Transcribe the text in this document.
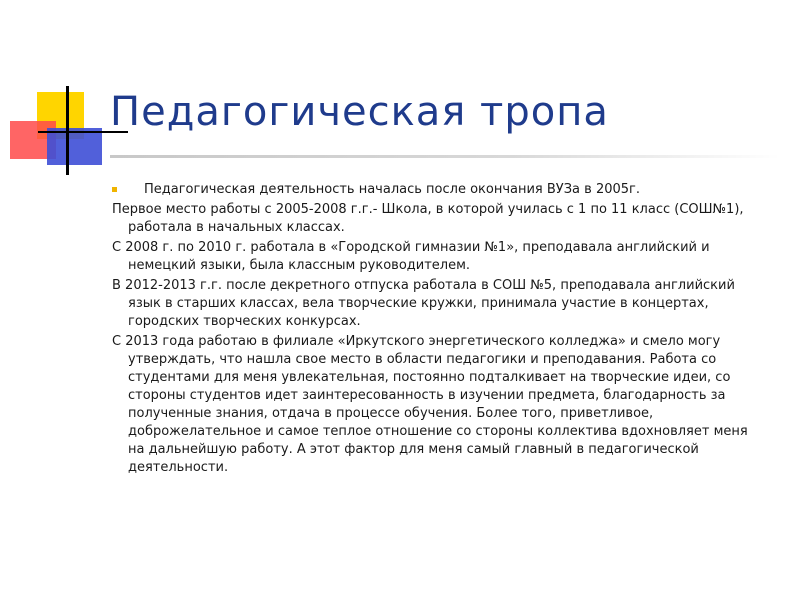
Педагогическая тропа
Педагогическая деятельность началась после окончания ВУЗа в 2005г.
Первое место работы с 2005-2008 г.г.- Школа, в которой училась с 1 по 11 класс (СОШ№1), работала в начальных классах.
С 2008 г. по 2010 г. работала в «Городской гимназии №1», преподавала английский и немецкий языки, была классным руководителем.
В 2012-2013 г.г. после декретного отпуска работала в СОШ №5, преподавала английский язык в старших классах, вела творческие кружки, принимала участие в концертах, городских творческих конкурсах.
С 2013 года работаю в филиале «Иркутского энергетического колледжа» и смело могу утверждать, что нашла свое место в области педагогики и преподавания. Работа со студентами для меня увлекательная, постоянно подталкивает на творческие идеи, со стороны студентов идет заинтересованность в изучении предмета, благодарность за полученные знания, отдача в процессе обучения. Более того, приветливое, доброжелательное и самое теплое отношение со стороны коллектива вдохновляет меня на дальнейшую работу. А этот фактор для меня самый главный в педагогической деятельности.
